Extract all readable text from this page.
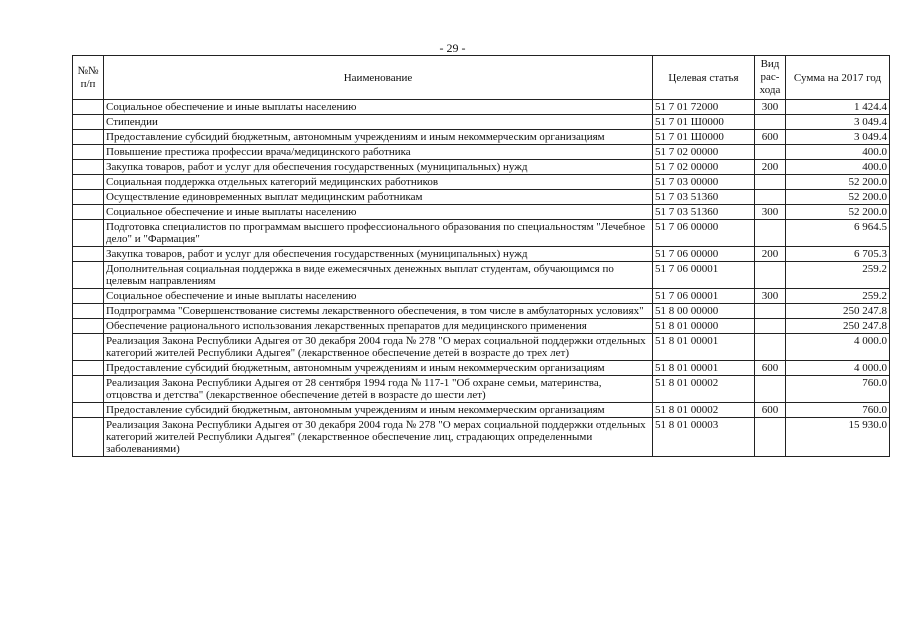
- 29 -
№№ п/п	Наименование	Целевая статья	Вид рас-хода	Сумма на 2017 год
	Социальное обеспечение и иные выплаты населению	51 7 01 72000	300	1 424.4
	Стипендии	51 7 01 Ш0000		3 049.4
	Предоставление субсидий бюджетным, автономным учреждениям и иным некоммерческим организациям	51 7 01 Ш0000	600	3 049.4
	Повышение престижа профессии врача/медицинского работника	51 7 02 00000		400.0
	Закупка товаров, работ и услуг для обеспечения государственных (муниципальных) нужд	51 7 02 00000	200	400.0
	Социальная поддержка отдельных категорий медицинских работников	51 7 03 00000		52 200.0
	Осуществление единовременных выплат медицинским работникам	51 7 03 51360		52 200.0
	Социальное обеспечение и иные выплаты населению	51 7 03 51360	300	52 200.0
	Подготовка специалистов по программам высшего профессионального образования по специальностям "Лечебное дело" и "Фармация"	51 7 06 00000		6 964.5
	Закупка товаров, работ и услуг для обеспечения государственных (муниципальных) нужд	51 7 06 00000	200	6 705.3
	Дополнительная социальная поддержка в виде ежемесячных денежных выплат студентам, обучающимся по целевым направлениям	51 7 06 00001		259.2
	Социальное обеспечение и иные выплаты населению	51 7 06 00001	300	259.2
	Подпрограмма "Совершенствование системы лекарственного обеспечения, в том числе в амбулаторных условиях"	51 8 00 00000		250 247.8
	Обеспечение рационального использования лекарственных препаратов для медицинского применения	51 8 01 00000		250 247.8
	Реализация Закона Республики Адыгея от 30 декабря 2004 года № 278 "О мерах социальной поддержки отдельных категорий жителей Республики Адыгея" (лекарственное обеспечение детей в возрасте до трех лет)	51 8 01 00001		4 000.0
	Предоставление субсидий бюджетным, автономным учреждениям и иным некоммерческим организациям	51 8 01 00001	600	4 000.0
	Реализация Закона Республики Адыгея от 28 сентября 1994 года № 117-1 "Об охране семьи, материнства, отцовства и детства" (лекарственное обеспечение детей в возрасте до шести лет)	51 8 01 00002		760.0
	Предоставление субсидий бюджетным, автономным учреждениям и иным некоммерческим организациям	51 8 01 00002	600	760.0
	Реализация Закона Республики Адыгея от 30 декабря 2004 года № 278 "О мерах социальной поддержки отдельных категорий жителей Республики Адыгея" (лекарственное обеспечение лиц, страдающих определенными заболеваниями)	51 8 01 00003		15 930.0
